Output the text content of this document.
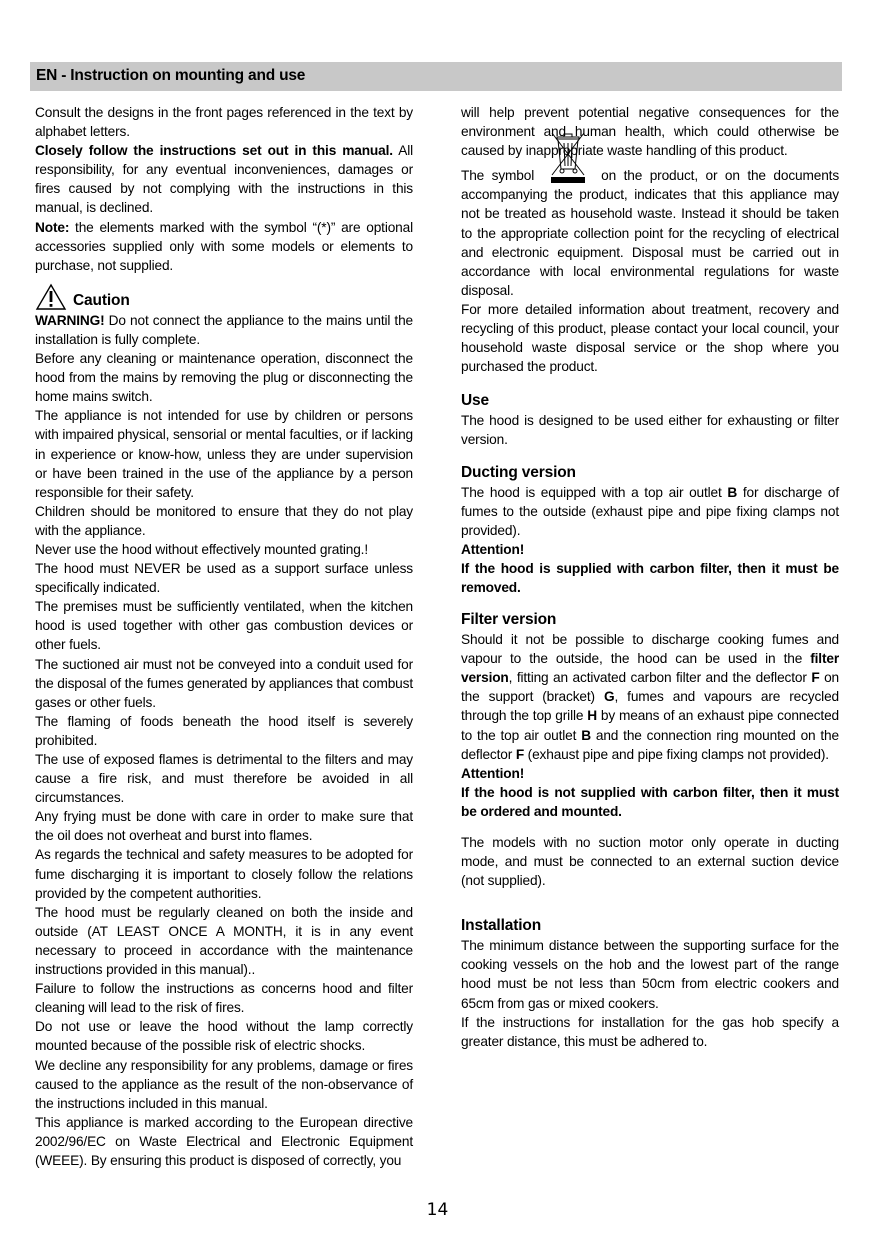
EN - Instruction on mounting and use

Consult the designs in the front pages referenced in the text by alphabet letters.

Closely follow the instructions set out in this manual. All responsibility, for any eventual inconveniences, damages or fires caused by not complying with the instructions in this manual, is declined.

Note: the elements marked with the symbol “(*)” are optional accessories supplied only with some models or elements to purchase, not supplied.

Caution

WARNING! Do not connect the appliance to the mains until the installation is fully complete.

Before any cleaning or maintenance operation, disconnect the hood from the mains by removing the plug or disconnecting the home mains switch.

The appliance is not intended for use by children or persons with impaired physical, sensorial or mental faculties, or if lacking in experience or know-how, unless they are under supervision or have been trained in the use of the appliance by a person responsible for their safety.

Children should be monitored to ensure that they do not play with the appliance.

Never use the hood without effectively mounted grating.!

The hood must NEVER be used as a support surface unless specifically indicated.

The premises must be sufficiently ventilated, when the kitchen hood is used together with other gas combustion devices or other fuels.

The suctioned air must not be conveyed into a conduit used for the disposal of the fumes generated by appliances that combust gases or other fuels.

The flaming of foods beneath the hood itself is severely prohibited.

The use of exposed flames is detrimental to the filters and may cause a fire risk, and must therefore be avoided in all circumstances.

Any frying must be done with care in order to make sure that the oil does not overheat and burst into flames.

As regards the technical and safety measures to be adopted for fume discharging it is important to closely follow the relations provided by the competent authorities.

The hood must be regularly cleaned on both the inside and outside (AT LEAST ONCE A MONTH, it is in any event necessary to proceed in accordance with the maintenance instructions provided in this manual)..

Failure to follow the instructions as concerns hood and filter cleaning will lead to the risk of fires.

Do not use or leave the hood without the lamp correctly mounted because of the possible risk of electric shocks.

We decline any responsibility for any problems, damage or fires caused to the appliance as the result of the non-observance of the instructions included in this manual.

This appliance is marked according to the European directive 2002/96/EC on Waste Electrical and Electronic Equipment (WEEE). By ensuring this product is disposed of correctly, you

will help prevent potential negative consequences for the environment and human health, which could otherwise be caused by inappropriate waste handling of this product.

The symbol	on the product, or on the documents accompanying the product, indicates that this appliance may not be treated as household waste. Instead it should be taken to the appropriate collection point for the recycling of electrical and electronic equipment. Disposal must be carried out in accordance with local environmental regulations for waste disposal.

For more detailed information about treatment, recovery and recycling of this product, please contact your local council, your household waste disposal service or the shop where you purchased the product.

Use

The hood is designed to be used either for exhausting or filter version.

Ducting version

The hood is equipped with a top air outlet B for discharge of fumes to the outside (exhaust pipe and pipe fixing clamps not provided).

Attention!

If the hood is supplied with carbon filter, then it must be removed.

Filter version

Should it not be possible to discharge cooking fumes and vapour to the outside, the hood can be used in the filter version, fitting an activated carbon filter and the deflector F on the support (bracket) G, fumes and vapours are recycled through the top grille H by means of an exhaust pipe connected to the top air outlet B and the connection ring mounted on the deflector F (exhaust pipe and pipe fixing clamps not provided).

Attention!

If the hood is not supplied with carbon filter, then it must be ordered and mounted.

The models with no suction motor only operate in ducting mode, and must be connected to an external suction device (not supplied).

Installation

The minimum distance between the supporting surface for the cooking vessels on the hob and the lowest part of the range hood must be not less than 50cm from electric cookers and 65cm from gas or mixed cookers.

If the instructions for installation for the gas hob specify a greater distance, this must be adhered to.

14
